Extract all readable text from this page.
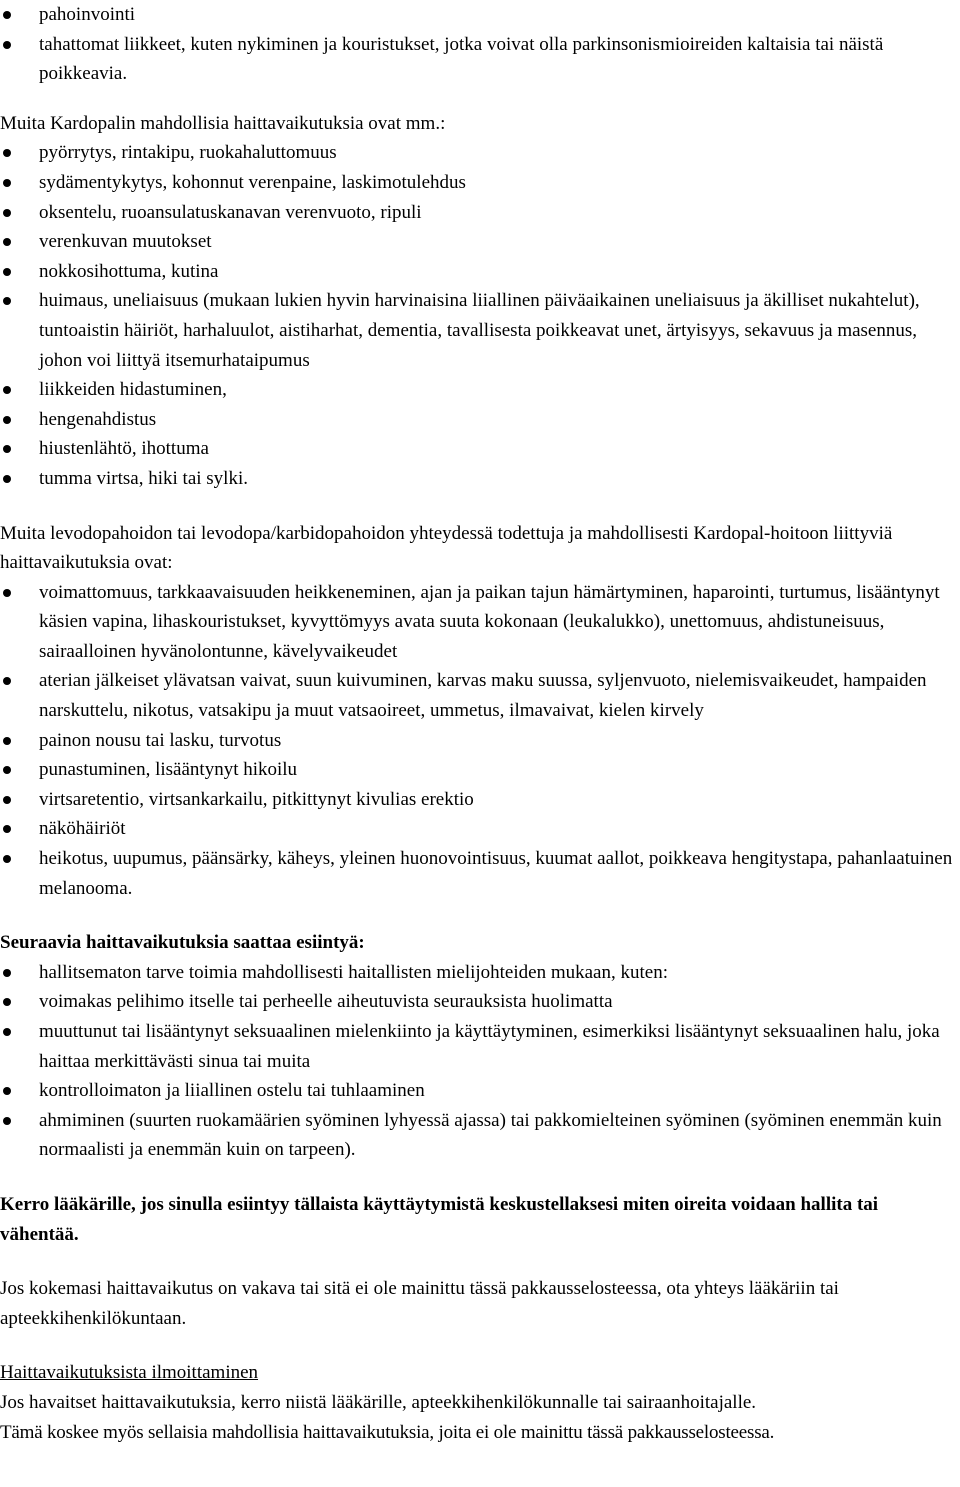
pahoinvointi
tahattomat liikkeet, kuten nykiminen ja kouristukset, jotka voivat olla parkinsonismioireiden kaltaisia tai näistä poikkeavia.

Muita Kardopalin mahdollisia haittavaikutuksia ovat mm.:

pyörrytys, rintakipu, ruokahaluttomuus
sydämentykytys, kohonnut verenpaine, laskimotulehdus
oksentelu, ruoansulatuskanavan verenvuoto, ripuli
verenkuvan muutokset
nokkosihottuma, kutina
huimaus, uneliaisuus (mukaan lukien hyvin harvinaisina liiallinen päiväaikainen uneliaisuus ja äkilliset nukahtelut), tuntoaistin häiriöt, harhaluulot, aistiharhat, dementia, tavallisesta poikkeavat unet, ärtyisyys, sekavuus ja masennus, johon voi liittyä itsemurhataipumus
liikkeiden hidastuminen,
hengenahdistus
hiustenlähtö, ihottuma
tumma virtsa, hiki tai sylki.

Muita levodopahoidon tai levodopa/karbidopahoidon yhteydessä todettuja ja mahdollisesti Kardopal-hoitoon liittyviä haittavaikutuksia ovat:

voimattomuus, tarkkaavaisuuden heikkeneminen, ajan ja paikan tajun hämärtyminen, haparointi, turtumus, lisääntynyt käsien vapina, lihaskouristukset, kyvyttömyys avata suuta kokonaan (leukalukko), unettomuus, ahdistuneisuus, sairaalloinen hyvänolontunne, kävelyvaikeudet
aterian jälkeiset ylävatsan vaivat, suun kuivuminen, karvas maku suussa, syljenvuoto, nielemisvaikeudet, hampaiden narskuttelu, nikotus, vatsakipu ja muut vatsaoireet, ummetus, ilmavaivat, kielen kirvely
painon nousu tai lasku, turvotus
punastuminen, lisääntynyt hikoilu
virtsaretentio, virtsankarkailu, pitkittynyt kivulias erektio
näköhäiriöt
heikotus, uupumus, päänsärky, käheys, yleinen huonovointisuus, kuumat aallot, poikkeava hengitystapa, pahanlaatuinen melanooma.

Seuraavia haittavaikutuksia saattaa esiintyä:

hallitsematon tarve toimia mahdollisesti haitallisten mielijohteiden mukaan, kuten:
voimakas pelihimo itselle tai perheelle aiheutuvista seurauksista huolimatta
muuttunut tai lisääntynyt seksuaalinen mielenkiinto ja käyttäytyminen, esimerkiksi lisääntynyt seksuaalinen halu, joka haittaa merkittävästi sinua tai muita
kontrolloimaton ja liiallinen ostelu tai tuhlaaminen
ahmiminen (suurten ruokamäärien syöminen lyhyessä ajassa) tai pakkomielteinen syöminen (syöminen enemmän kuin normaalisti ja enemmän kuin on tarpeen).

Kerro lääkärille, jos sinulla esiintyy tällaista käyttäytymistä keskustellaksesi miten oireita voidaan hallita tai vähentää.

Jos kokemasi haittavaikutus on vakava tai sitä ei ole mainittu tässä pakkausselosteessa, ota yhteys lääkäriin tai apteekkihenkilökuntaan.

Haittavaikutuksista ilmoittaminen

Jos havaitset haittavaikutuksia, kerro niistä lääkärille, apteekkihenkilökunnalle tai sairaanhoitajalle.

Tämä koskee myös sellaisia mahdollisia haittavaikutuksia, joita ei ole mainittu tässä pakkausselosteessa.
